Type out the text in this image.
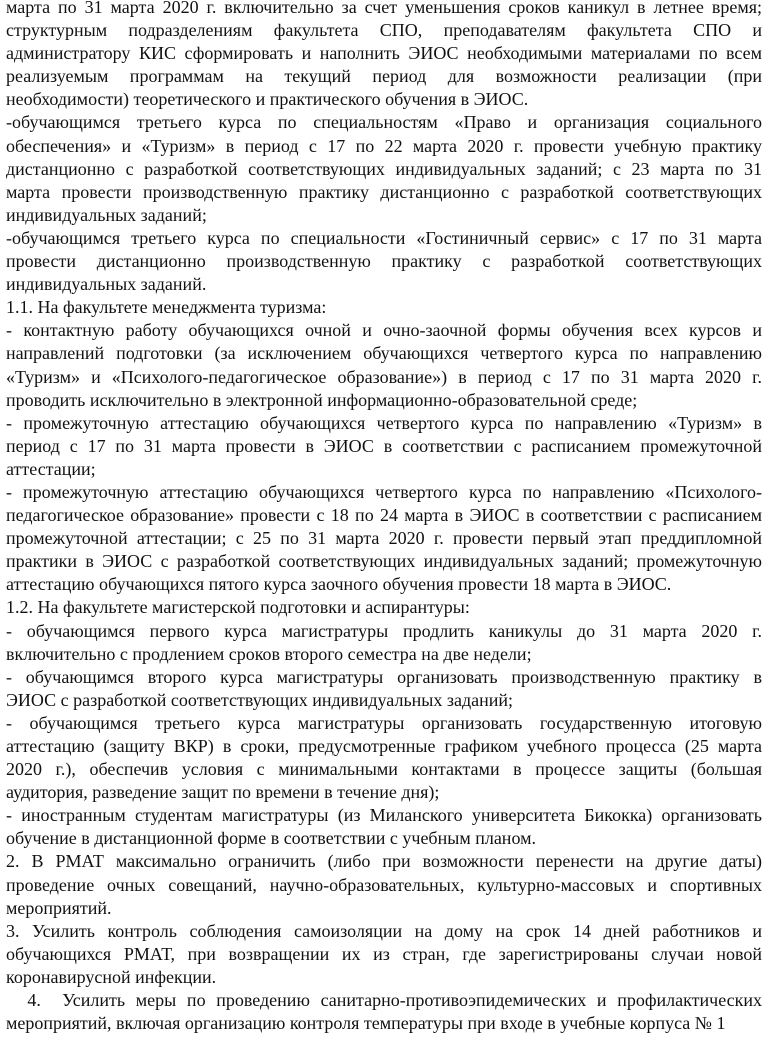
марта по 31 марта 2020 г. включительно за счет уменьшения сроков каникул в летнее время;
структурным подразделениям факультета СПО, преподавателям факультета СПО и
администратору КИС сформировать и наполнить ЭИОС необходимыми материалами по всем
реализуемым программам на текущий период для возможности реализации (при
необходимости) теоретического и практического обучения в ЭИОС.
-обучающимся третьего курса по специальностям «Право и организация социального
обеспечения» и «Туризм» в период с 17 по 22 марта 2020 г. провести учебную практику
дистанционно с разработкой соответствующих индивидуальных заданий; с 23 марта по 31
марта провести производственную практику дистанционно с разработкой соответствующих
индивидуальных заданий;
-обучающимся третьего курса по специальности «Гостиничный сервис» с 17 по 31 марта
провести дистанционно производственную практику с разработкой соответствующих
индивидуальных заданий.
1.1. На факультете менеджмента туризма:
- контактную работу обучающихся очной и очно-заочной формы обучения всех курсов и
направлений подготовки (за исключением обучающихся четвертого курса по направлению
«Туризм» и «Психолого-педагогическое образование») в период с 17 по 31 марта 2020 г.
проводить исключительно в электронной информационно-образовательной среде;
- промежуточную аттестацию обучающихся четвертого курса по направлению «Туризм» в
период с 17 по 31 марта провести в ЭИОС в соответствии с расписанием промежуточной
аттестации;
- промежуточную аттестацию обучающихся четвертого курса по направлению «Психолого-
педагогическое образование» провести с 18 по 24 марта в ЭИОС в соответствии с расписанием
промежуточной аттестации; с 25 по 31 марта 2020 г. провести первый этап преддипломной
практики в ЭИОС с разработкой соответствующих индивидуальных заданий; промежуточную
аттестацию обучающихся пятого курса заочного обучения провести 18 марта в ЭИОС.
1.2. На факультете магистерской подготовки и аспирантуры:
- обучающимся первого курса магистратуры продлить каникулы до 31 марта 2020 г.
включительно с продлением сроков второго семестра на две недели;
- обучающимся второго курса магистратуры организовать производственную практику в
ЭИОС с разработкой соответствующих индивидуальных заданий;
- обучающимся третьего курса магистратуры организовать государственную итоговую
аттестацию (защиту ВКР) в сроки, предусмотренные графиком учебного процесса (25 марта
2020 г.), обеспечив условия с минимальными контактами в процессе защиты (большая
аудитория, разведение защит по времени в течение дня);
- иностранным студентам магистратуры (из Миланского университета Бикокка) организовать
обучение в дистанционной форме в соответствии с учебным планом.
2. В РМАТ максимально ограничить (либо при возможности перенести на другие даты)
проведение очных совещаний, научно-образовательных, культурно-массовых и спортивных
мероприятий.
3. Усилить контроль соблюдения самоизоляции на дому на срок 14 дней работников и
обучающихся РМАТ, при возвращении их из стран, где зарегистрированы случаи новой
коронавирусной инфекции.
4.  Усилить меры по проведению санитарно-противоэпидемических и профилактических
мероприятий, включая организацию контроля температуры при входе в учебные корпуса № 1
